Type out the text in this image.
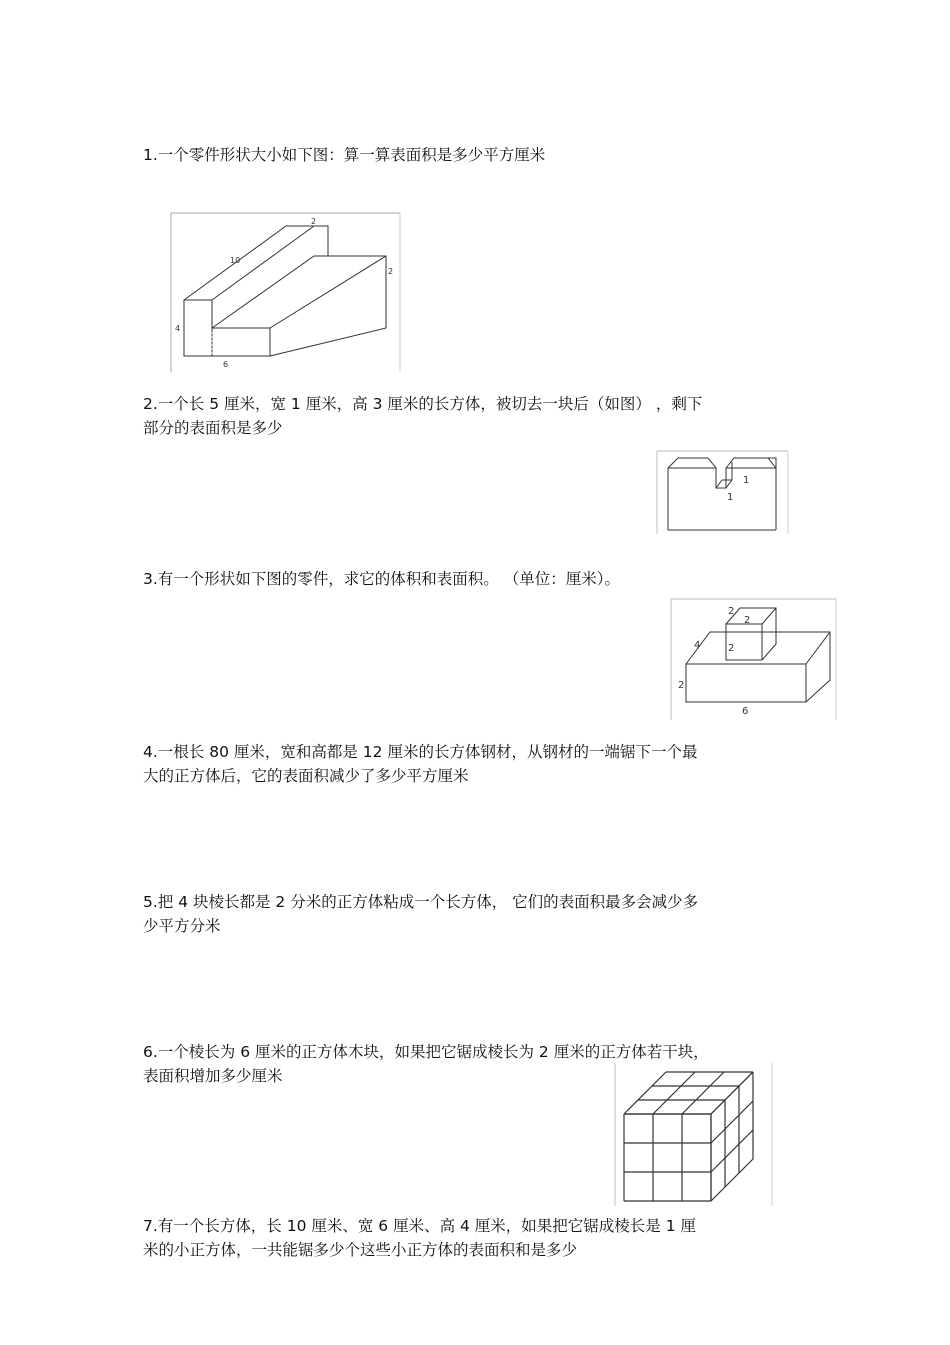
1.一个零件形状大小如下图：算一算表面积是多少平方厘米
2
10
2
4
6
2.一个长 5 厘米，宽 1 厘米，高 3 厘米的长方体，被切去一块后（如图） ，剩下
部分的表面积是多少
1
1
3.有一个形状如下图的零件，求它的体积和表面积。 （单位：厘米）。
2
2
2
4
2
6
4.一根长 80 厘米，宽和高都是 12 厘米的长方体钢材，从钢材的一端锯下一个最
大的正方体后，它的表面积减少了多少平方厘米
5.把 4 块棱长都是 2 分米的正方体粘成一个长方体， 它们的表面积最多会减少多
少平方分米
6.一个棱长为 6 厘米的正方体木块，如果把它锯成棱长为 2 厘米的正方体若干块，
表面积增加多少厘米
7.有一个长方体，长 10 厘米、宽 6 厘米、高 4 厘米，如果把它锯成棱长是 1 厘
米的小正方体，一共能锯多少个这些小正方体的表面积和是多少
